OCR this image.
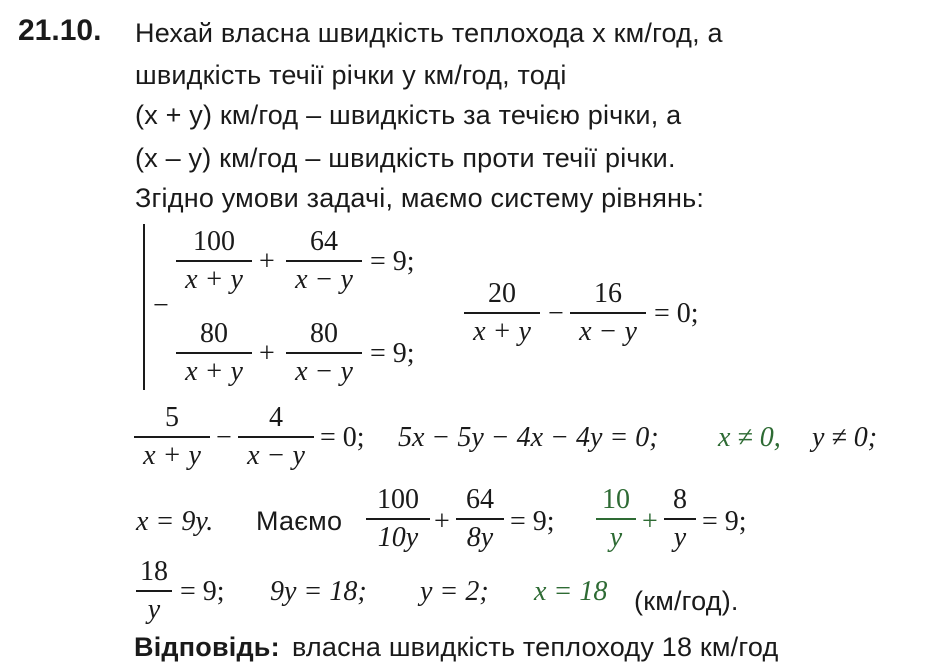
21.10. Нехай власна швидкість теплохода x км/год, а
швидкість течії річки y км/год, тоді
(x + y) км/год – швидкість за течією річки, а
(x – y) км/год – швидкість проти течії річки.
Згідно умови задачі, маємо систему рівнянь:
−
100
x + y
+
64
x − y
= 9;
80
x + y
+
80
x − y
= 9;
20
x + y
−
16
x − y
= 0;
5
x + y
−
4
x − y
= 0; 5x − 5y − 4x − 4y = 0; x ≠ 0, y ≠ 0;
x = 9y. Маємо
100
10y
+
64
8y
= 9;
10
y
+
8
y
= 9;
18
y
= 9; 9y = 18; y = 2; x = 18 (км/год).
Відповідь: власна швидкість теплоходу 18 км/год
